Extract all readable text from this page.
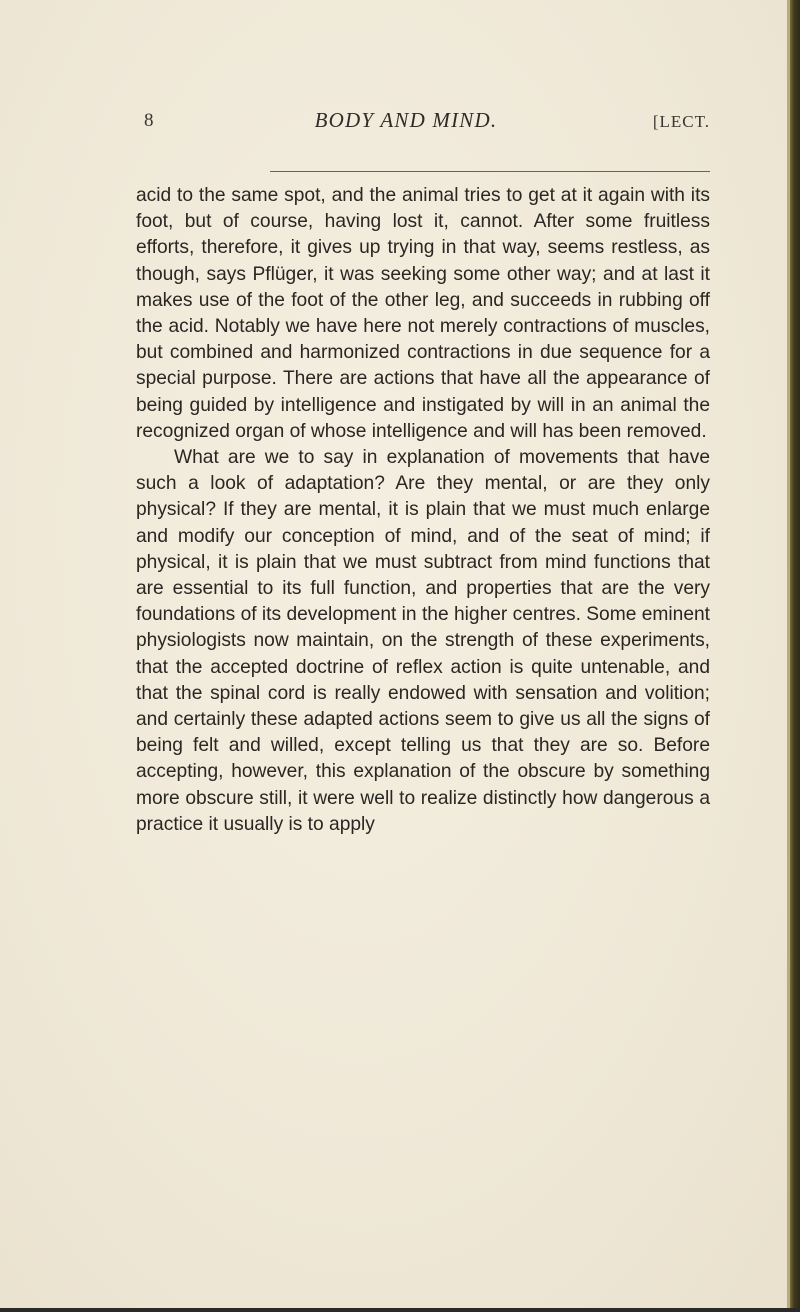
8	BODY AND MIND.	[LECT.

acid to the same spot, and the animal tries to get at it again with its foot, but of course, having lost it, cannot. After some fruitless efforts, therefore, it gives up trying in that way, seems restless, as though, says Pflüger, it was seeking some other way; and at last it makes use of the foot of the other leg, and succeeds in rubbing off the acid. Notably we have here not merely contractions of muscles, but combined and harmonized contractions in due sequence for a special purpose. There are actions that have all the appearance of being guided by intelligence and instigated by will in an animal the recognized organ of whose intelligence and will has been removed.

What are we to say in explanation of movements that have such a look of adaptation? Are they mental, or are they only physical? If they are mental, it is plain that we must much enlarge and modify our conception of mind, and of the seat of mind; if physical, it is plain that we must subtract from mind functions that are essential to its full function, and properties that are the very foundations of its development in the higher centres. Some eminent physiologists now maintain, on the strength of these experiments, that the accepted doctrine of reflex action is quite untenable, and that the spinal cord is really endowed with sensation and volition; and certainly these adapted actions seem to give us all the signs of being felt and willed, except telling us that they are so. Before accepting, however, this explanation of the obscure by something more obscure still, it were well to realize distinctly how dangerous a practice it usually is to apply
